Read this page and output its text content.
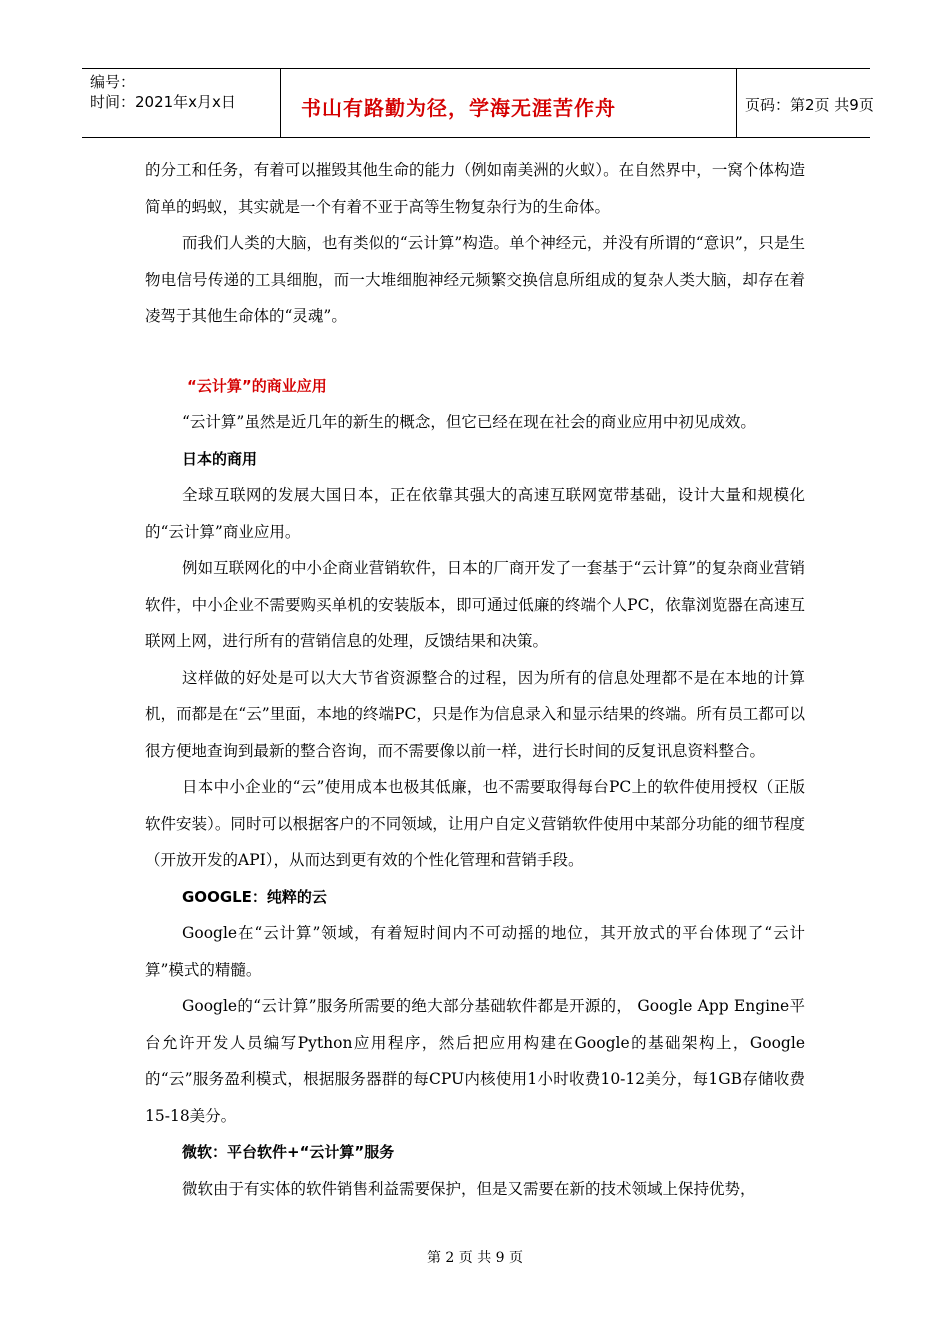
编号：
时间：2021年x月x日	书山有路勤为径，学海无涯苦作舟	页码：第2页 共9页

的分工和任务，有着可以摧毁其他生命的能力（例如南美洲的火蚁）。在自然界中，一窝个体构造简单的蚂蚁，其实就是一个有着不亚于高等生物复杂行为的生命体。

而我们人类的大脑，也有类似的“云计算”构造。单个神经元，并没有所谓的“意识”，只是生物电信号传递的工具细胞，而一大堆细胞神经元频繁交换信息所组成的复杂人类大脑，却存在着凌驾于其他生命体的“灵魂”。

“云计算”的商业应用

“云计算”虽然是近几年的新生的概念，但它已经在现在社会的商业应用中初见成效。

日本的商用

全球互联网的发展大国日本，正在依靠其强大的高速互联网宽带基础，设计大量和规模化的“云计算”商业应用。

例如互联网化的中小企商业营销软件，日本的厂商开发了一套基于“云计算”的复杂商业营销软件，中小企业不需要购买单机的安装版本，即可通过低廉的终端个人PC，依靠浏览器在高速互联网上网，进行所有的营销信息的处理，反馈结果和决策。

这样做的好处是可以大大节省资源整合的过程，因为所有的信息处理都不是在本地的计算机，而都是在“云”里面，本地的终端PC，只是作为信息录入和显示结果的终端。所有员工都可以很方便地查询到最新的整合咨询，而不需要像以前一样，进行长时间的反复讯息资料整合。

日本中小企业的“云”使用成本也极其低廉，也不需要取得每台PC上的软件使用授权（正版软件安装）。同时可以根据客户的不同领域，让用户自定义营销软件使用中某部分功能的细节程度（开放开发的API），从而达到更有效的个性化管理和营销手段。

GOOGLE：纯粹的云

Google在“云计算”领域，有着短时间内不可动摇的地位，其开放式的平台体现了“云计算”模式的精髓。

Google的“云计算”服务所需要的绝大部分基础软件都是开源的， Google App Engine平台允许开发人员编写Python应用程序，然后把应用构建在Google的基础架构上，Google的“云”服务盈利模式，根据服务器群的每CPU内核使用1小时收费10-12美分，每1GB存储收费15-18美分。

微软：平台软件+“云计算”服务

微软由于有实体的软件销售利益需要保护，但是又需要在新的技术领域上保持优势，

第 2 页 共 9 页
